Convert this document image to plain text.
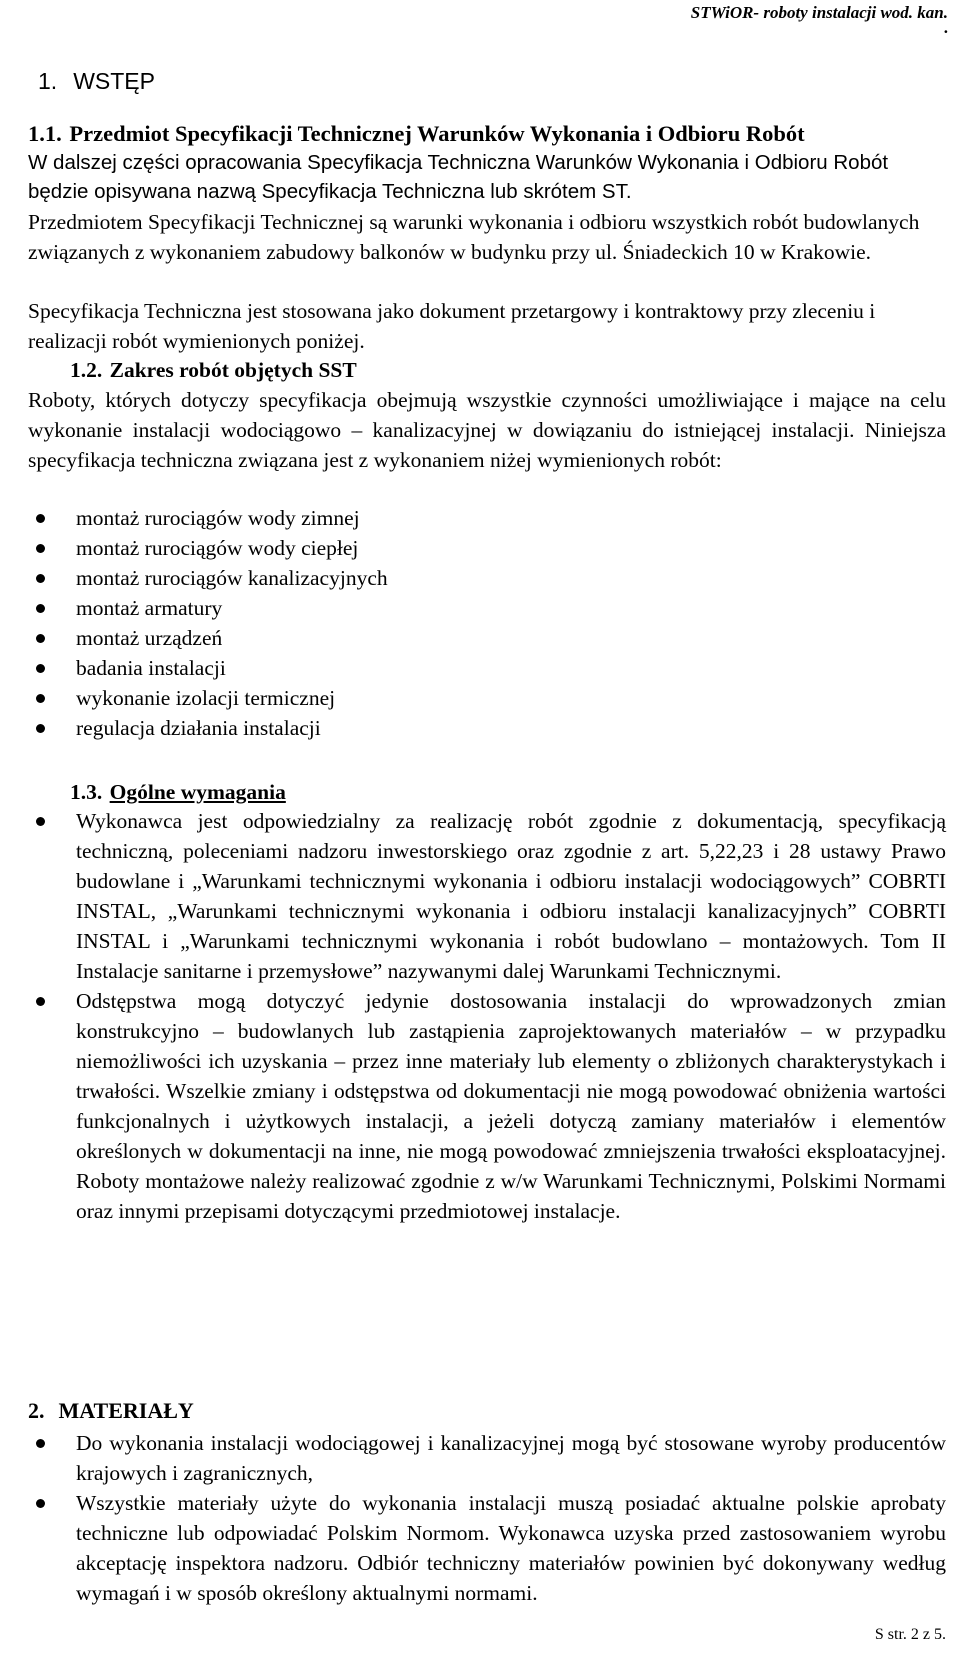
STWiOR- roboty instalacji wod. kan.
.
1. WSTĘP
1.1. Przedmiot Specyfikacji Technicznej Warunków Wykonania i Odbioru Robót
W dalszej części opracowania Specyfikacja Techniczna Warunków Wykonania i Odbioru Robót będzie opisywana nazwą Specyfikacja Techniczna lub skrótem ST.
Przedmiotem Specyfikacji Technicznej są warunki wykonania i odbioru wszystkich robót budowlanych związanych z wykonaniem zabudowy balkonów w budynku przy ul. Śniadeckich 10 w Krakowie.
Specyfikacja Techniczna jest stosowana jako dokument przetargowy i kontraktowy przy zleceniu i realizacji robót wymienionych poniżej.
1.2. Zakres robót objętych SST
Roboty, których dotyczy specyfikacja obejmują wszystkie czynności umożliwiające i mające na celu wykonanie instalacji wodociągowo – kanalizacyjnej w dowiązaniu do istniejącej instalacji. Niniejsza specyfikacja techniczna związana jest z wykonaniem niżej wymienionych robót:
montaż rurociągów wody zimnej
montaż rurociągów wody ciepłej
montaż rurociągów kanalizacyjnych
montaż armatury
montaż urządzeń
badania instalacji
wykonanie izolacji termicznej
regulacja działania instalacji
1.3. Ogólne wymagania
Wykonawca jest odpowiedzialny za realizację robót zgodnie z dokumentacją, specyfikacją techniczną, poleceniami nadzoru inwestorskiego oraz zgodnie z art. 5,22,23 i 28 ustawy Prawo budowlane i „Warunkami technicznymi wykonania i odbioru instalacji wodociągowych” COBRTI INSTAL, „Warunkami technicznymi wykonania i odbioru instalacji kanalizacyjnych” COBRTI INSTAL i „Warunkami technicznymi wykonania i robót budowlano – montażowych. Tom II Instalacje sanitarne i przemysłowe” nazywanymi dalej Warunkami Technicznymi.
Odstępstwa mogą dotyczyć jedynie dostosowania instalacji do wprowadzonych zmian konstrukcyjno – budowlanych lub zastąpienia zaprojektowanych materiałów – w przypadku niemożliwości ich uzyskania – przez inne materiały lub elementy o zbliżonych charakterystykach i trwałości. Wszelkie zmiany i odstępstwa od dokumentacji nie mogą powodować obniżenia wartości funkcjonalnych i użytkowych instalacji, a jeżeli dotyczą zamiany materiałów i elementów określonych w dokumentacji na inne, nie mogą powodować zmniejszenia trwałości eksploatacyjnej. Roboty montażowe należy realizować zgodnie z w/w Warunkami Technicznymi, Polskimi Normami oraz innymi przepisami dotyczącymi przedmiotowej instalacje.
2. MATERIAŁY
Do wykonania instalacji wodociągowej i kanalizacyjnej mogą być stosowane wyroby producentów krajowych i zagranicznych,
Wszystkie materiały użyte do wykonania instalacji muszą posiadać aktualne polskie aprobaty techniczne lub odpowiadać Polskim Normom. Wykonawca uzyska przed zastosowaniem wyrobu akceptację inspektora nadzoru. Odbiór techniczny materiałów powinien być dokonywany według wymagań i w sposób określony aktualnymi normami.
S str. 2 z 5.
